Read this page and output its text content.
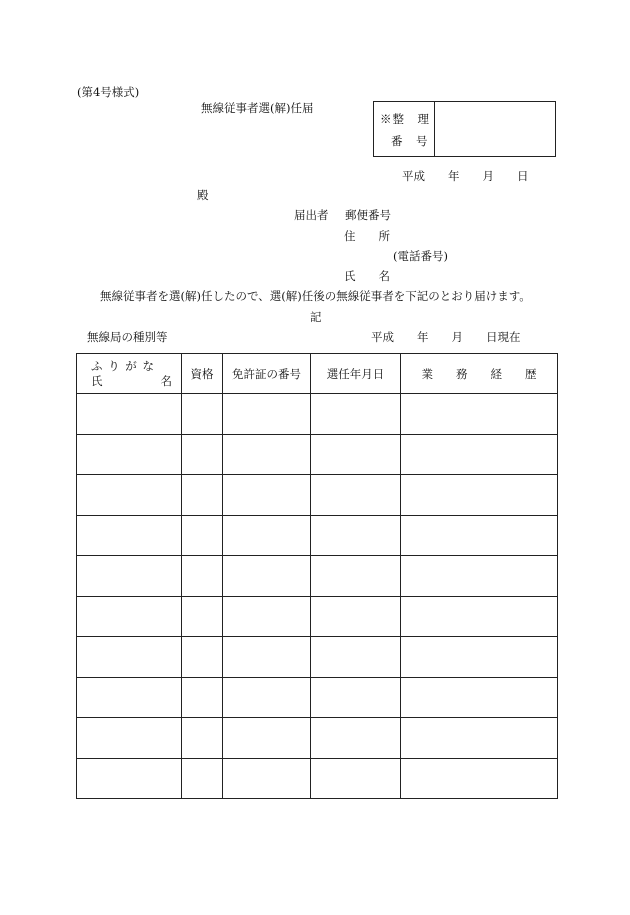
(第4号様式)
無線従事者選(解)任届
※整　理
番　号
平成　　年　　月　　日
殿
届出者 郵便番号
住　　所
(電話番号)
氏　　名
無線従事者を選(解)任したので、選(解)任後の無線従事者を下記のとおり届けます。
記
無線局の種別等	平成　　年　　月　　日現在
ふ り が な
氏 名	資格	免許証の番号	選任年月日	業　　務　　経　　歴
